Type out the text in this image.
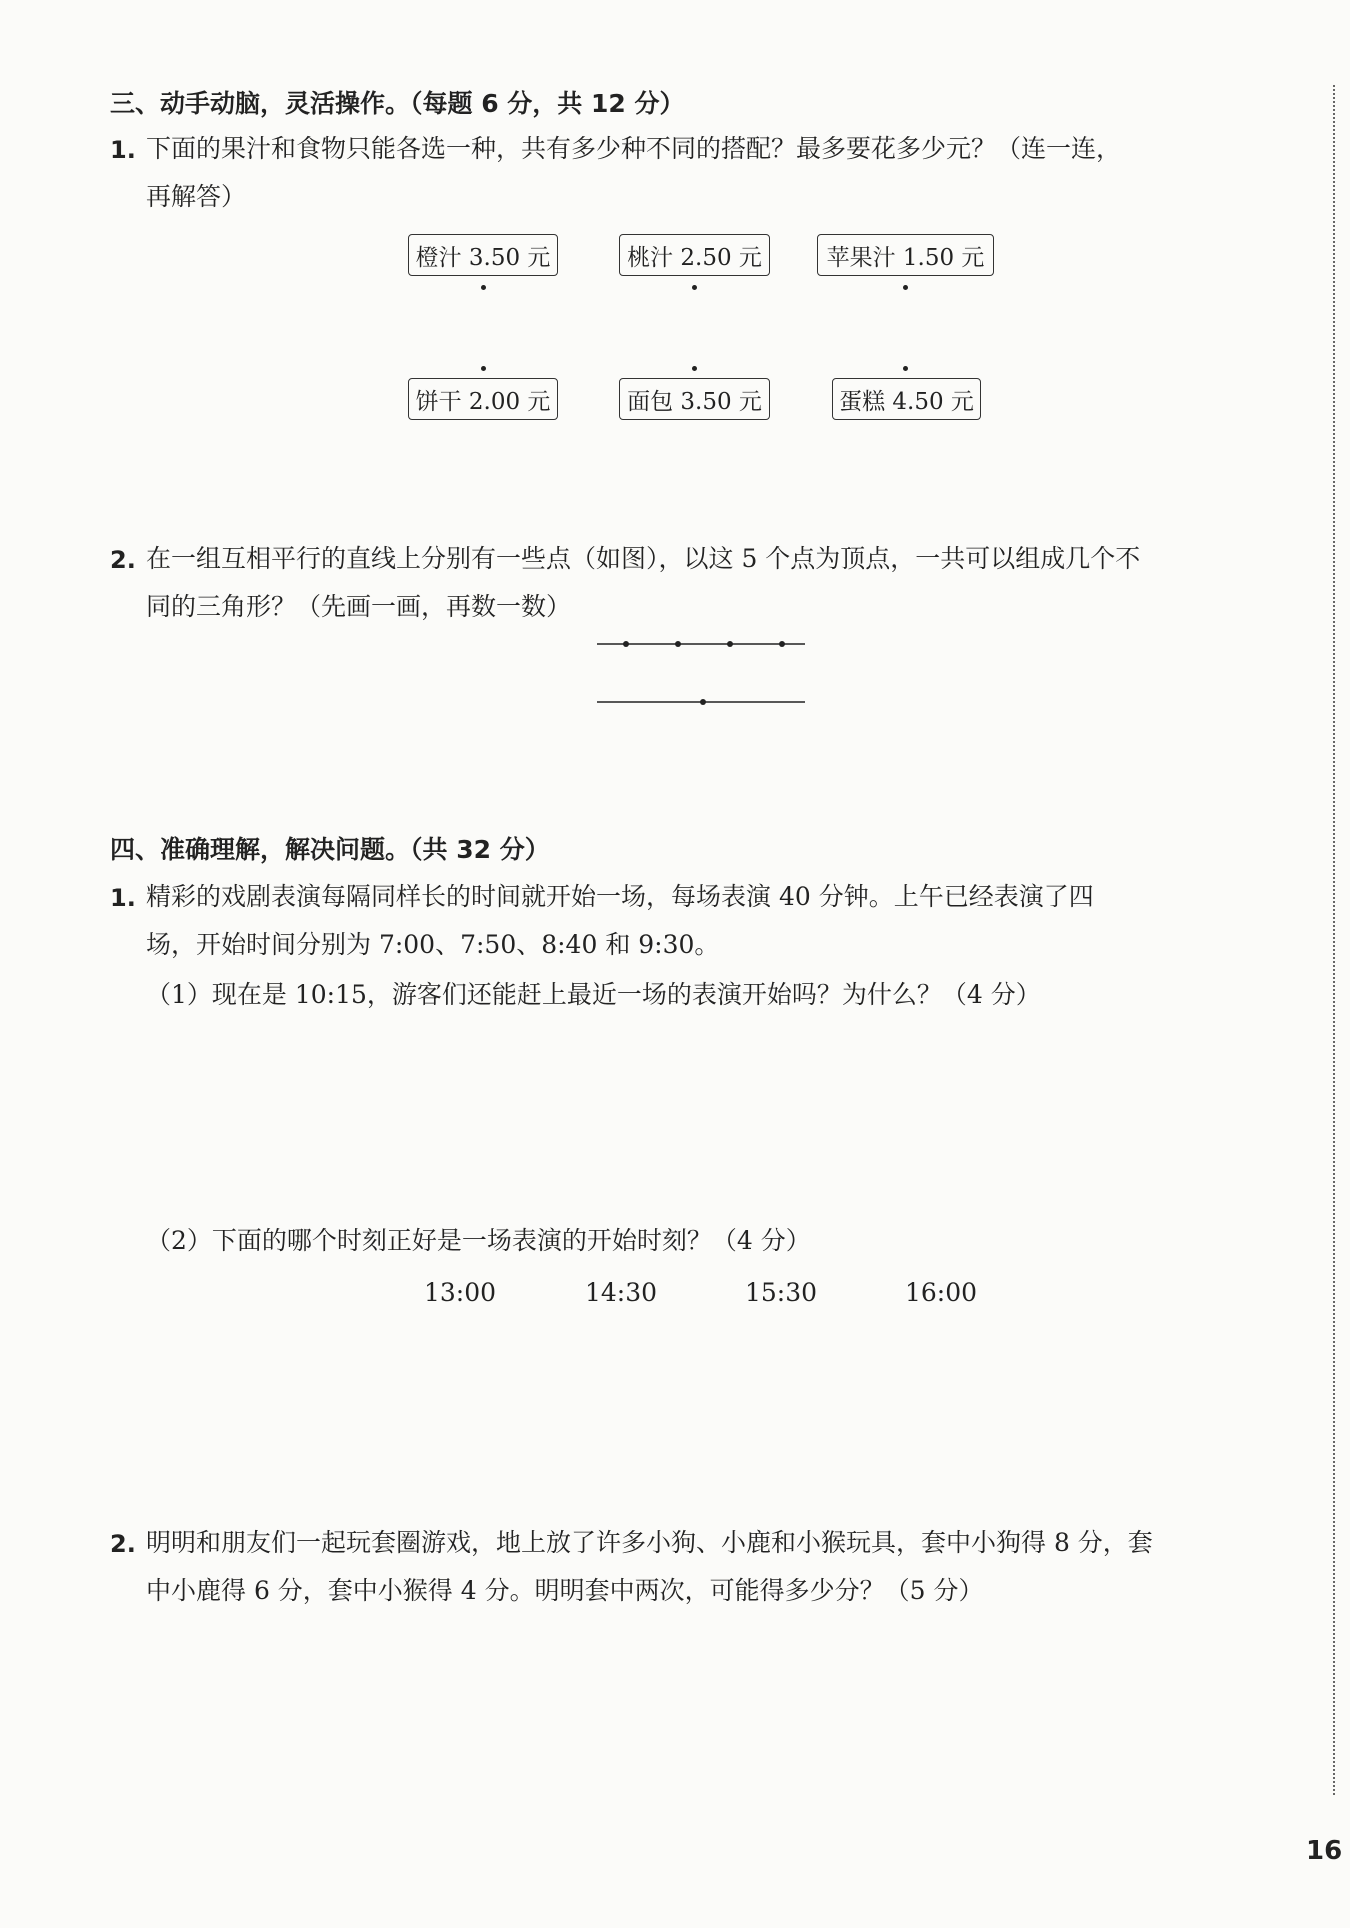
三、动手动脑，灵活操作。（每题 6 分，共 12 分）
1. 下面的果汁和食物只能各选一种，共有多少种不同的搭配？最多要花多少元？（连一连，
再解答）
橙汁 3.50 元	桃汁 2.50 元	苹果汁 1.50 元
饼干 2.00 元	面包 3.50 元	蛋糕 4.50 元
2. 在一组互相平行的直线上分别有一些点（如图），以这 5 个点为顶点，一共可以组成几个不
同的三角形？（先画一画，再数一数）
四、准确理解，解决问题。（共 32 分）
1. 精彩的戏剧表演每隔同样长的时间就开始一场，每场表演 40 分钟。上午已经表演了四
场，开始时间分别为 7:00、7:50、8:40 和 9:30。
（1）现在是 10:15，游客们还能赶上最近一场的表演开始吗？为什么？（4 分）
（2）下面的哪个时刻正好是一场表演的开始时刻？（4 分）
13:00	14:30	15:30	16:00
2. 明明和朋友们一起玩套圈游戏，地上放了许多小狗、小鹿和小猴玩具，套中小狗得 8 分，套
中小鹿得 6 分，套中小猴得 4 分。明明套中两次，可能得多少分？（5 分）
16
